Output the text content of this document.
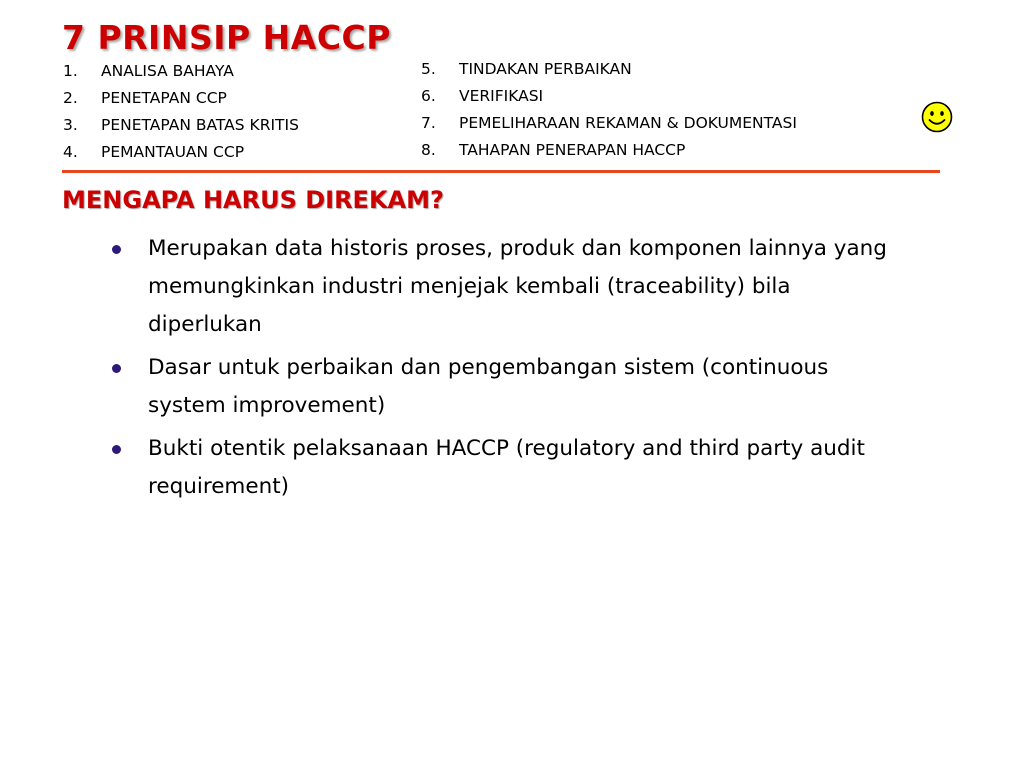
7 PRINSIP HACCP
1.	ANALISA BAHAYA
2.	PENETAPAN CCP
3.	PENETAPAN BATAS KRITIS
4.	PEMANTAUAN CCP
5.	TINDAKAN PERBAIKAN
6.	VERIFIKASI
7.	PEMELIHARAAN REKAMAN & DOKUMENTASI
8.	TAHAPAN PENERAPAN HACCP
MENGAPA HARUS DIREKAM?
Merupakan data historis proses, produk dan komponen lainnya yang memungkinkan industri menjejak kembali (traceability) bila diperlukan
Dasar untuk perbaikan dan pengembangan sistem (continuous system improvement)
Bukti otentik pelaksanaan HACCP (regulatory and third party audit requirement)
